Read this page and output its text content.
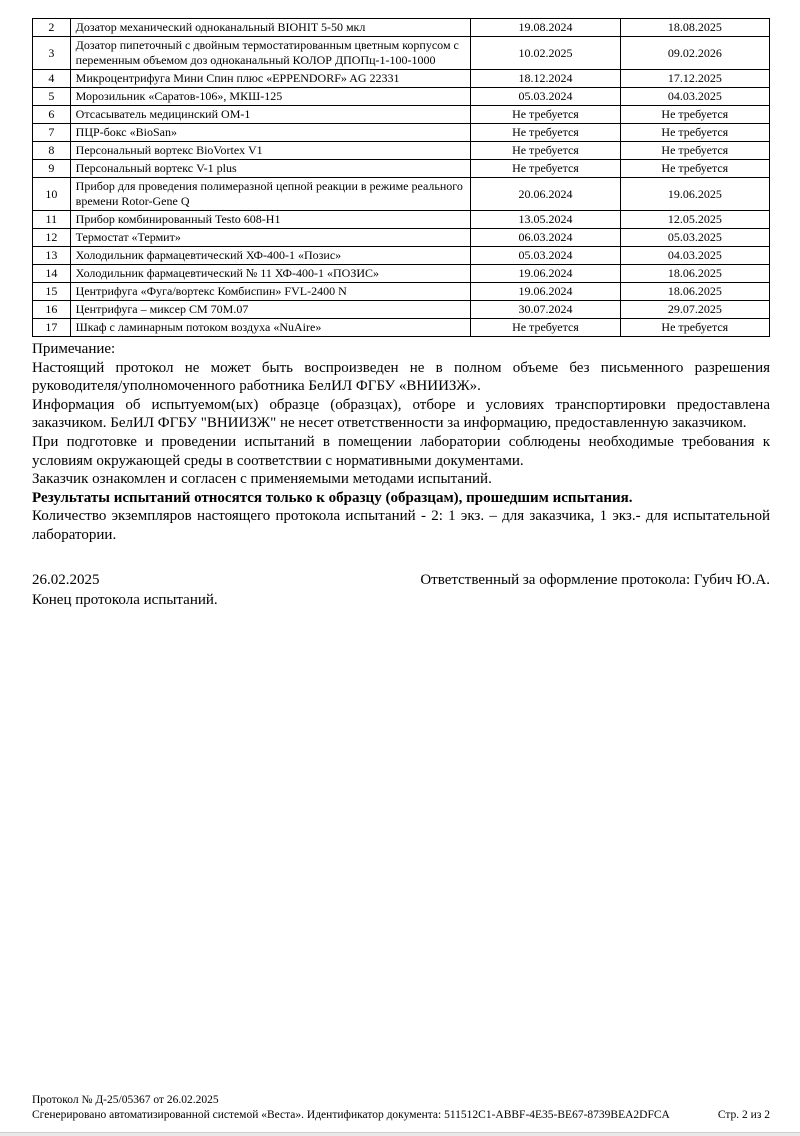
2	Дозатор механический одноканальный BIOHIT 5-50 мкл	19.08.2024	18.08.2025
3	Дозатор пипеточный с двойным термостатированным цветным корпусом с переменным объемом доз одноканальный КОЛОР ДПОПц-1-100-1000	10.02.2025	09.02.2026
4	Микроцентрифуга Мини Спин плюс «EPPENDORF» AG 22331	18.12.2024	17.12.2025
5	Морозильник «Саратов-106», МКШ-125	05.03.2024	04.03.2025
6	Отсасыватель медицинский ОМ-1	Не требуется	Не требуется
7	ПЦР-бокс «BioSan»	Не требуется	Не требуется
8	Персональный вортекс BioVortex V1	Не требуется	Не требуется
9	Персональный вортекс V-1 plus	Не требуется	Не требуется
10	Прибор для проведения полимеразной цепной реакции в режиме реального времени Rotor-Gene Q	20.06.2024	19.06.2025
11	Прибор комбинированный Testo 608-H1	13.05.2024	12.05.2025
12	Термостат «Термит»	06.03.2024	05.03.2025
13	Холодильник фармацевтический ХФ-400-1 «Позис»	05.03.2024	04.03.2025
14	Холодильник фармацевтический № 11 ХФ-400-1 «ПОЗИС»	19.06.2024	18.06.2025
15	Центрифуга «Фуга/вортекс Комбиспин» FVL-2400 N	19.06.2024	18.06.2025
16	Центрифуга – миксер СМ 70М.07	30.07.2024	29.07.2025
17	Шкаф с ламинарным потоком воздуха «NuAire»	Не требуется	Не требуется

Примечание:

Настоящий протокол не может быть воспроизведен не в полном объеме без письменного разрешения руководителя/уполномоченного работника БелИЛ ФГБУ «ВНИИЗЖ».

Информация об испытуемом(ых) образце (образцах), отборе и условиях транспортировки предоставлена заказчиком. БелИЛ ФГБУ "ВНИИЗЖ" не несет ответственности за информацию, предоставленную заказчиком.

При подготовке и проведении испытаний в помещении лаборатории соблюдены необходимые требования к условиям окружающей среды в соответствии с нормативными документами.

Заказчик ознакомлен и согласен с применяемыми методами испытаний.

Результаты испытаний относятся только к образцу (образцам), прошедшим испытания.

Количество экземпляров настоящего протокола испытаний - 2: 1 экз. – для заказчика, 1 экз.- для испытательной лаборатории.

26.02.2025	Ответственный за оформление протокола: Губич Ю.А.
Конец протокола испытаний.
Протокол № Д-25/05367 от 26.02.2025
Сгенерировано автоматизированной системой «Веста». Идентификатор документа: 511512C1-ABBF-4E35-BE67-8739BEA2DFCA	Стр. 2 из 2
